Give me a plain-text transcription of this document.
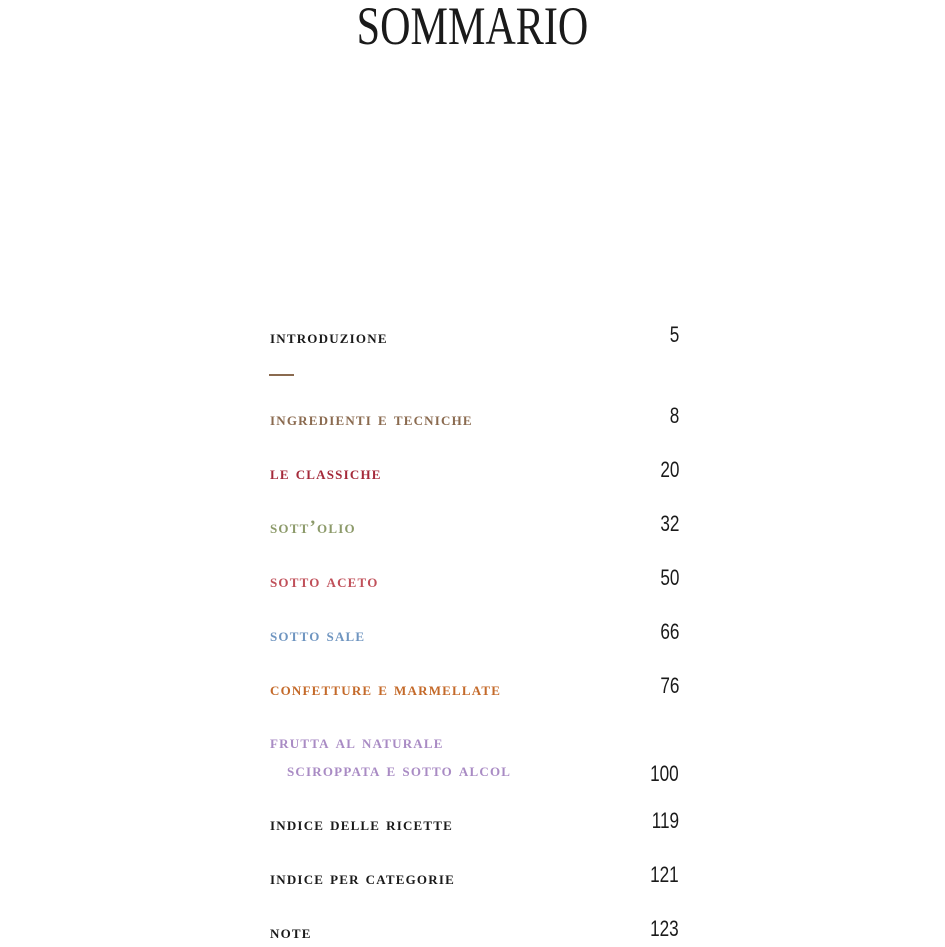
SOMMARIO
introduzione	5
ingredienti e tecniche	8
le classiche	20
sott’olio	32
sotto aceto	50
sotto sale	66
confetture e marmellate	76
frutta al naturale
sciroppata e sotto alcol	100
indice delle ricette	119
indice per categorie	121
note	123
